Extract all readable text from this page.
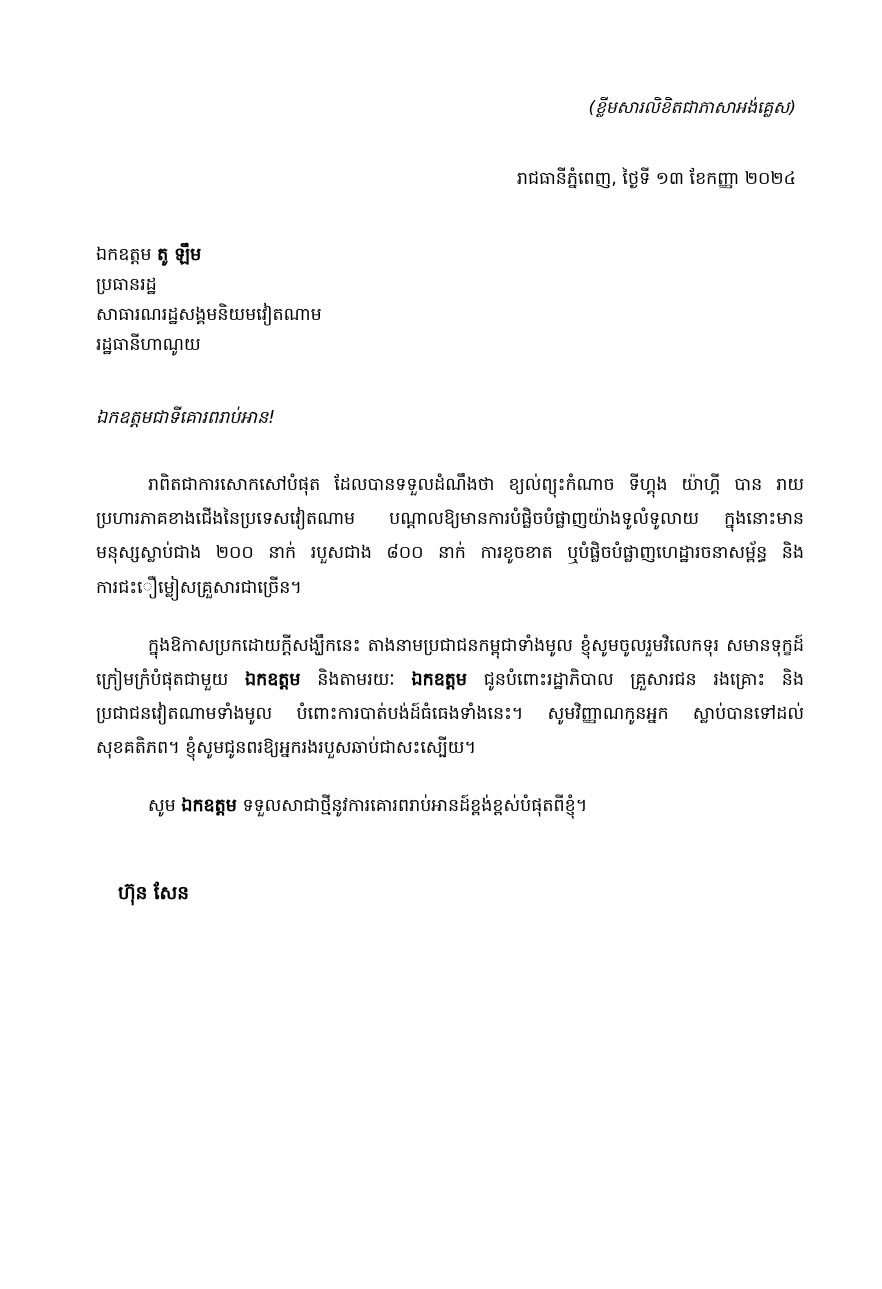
(ខ្លីមសារលិខិតជាភាសាអង់គ្លេស)
រាជធានីភ្នំពេញ, ថ្ងៃទី ១៣ ខែកញ្ញា ២០២៤
ឯកឧត្តម តូ ឡឹម
ប្រធានរដ្ឋ
សាធារណរដ្ឋសង្គមនិយមវៀតណាម
រដ្ឋធានីហាណូយ
ឯកឧត្តមជាទីគោរពរាប់អាន!
រាពិតជាការសោកសៅបំផុត ដែលបានទទួលដំណឹងថា ខ្យល់ព្យុះកំណាច ទីហ្គុង យ៉ាហ្គី បាន រាយប្រហារភាគខាងជើងនៃប្រទេសវៀតណាម បណ្តាលឱ្យមានការបំផ្លិចបំផ្លាញយ៉ាងទូលំទូលាយ ក្នុងនោះមានមនុស្សស្លាប់ជាង ២០០ នាក់ របួសជាង ៨០០ នាក់ ការខូចខាត ឬបំផ្លិចបំផ្លាញហេដ្ឋារចនាសម្ព័ន្ធ និងការជះឿម្លៀសគ្រួសារជាច្រើន។
ក្នុងឱកាសប្រកដោយក្តីសង្ឃឹកនេះ តាងនាមប្រជាជនកម្ពុជាទាំងមូល ខ្ញុំសូមចូលរួមវិលេកទុរ សមានទុក្ខដ៍ក្រៀមក្រំបំផុតជាមួយ ឯកឧត្តម និងតាមរយៈ ឯកឧត្តម ជូនបំពោះរដ្ឋាភិបាល គ្រួសារជន រងគ្រោះ និងប្រជាជនវៀតណាមទាំងមូល បំពោះការបាត់បង់ដ៍ធំធេងទាំងនេះ។ សូមវិញ្ញាណកូនអ្នក ស្លាប់បានទៅដល់សុខគតិភព។ ខ្ញុំសូមជូនពរឱ្យអ្នករងរបួសឆាប់ជាសះស្បើយ។
សូម ឯកឧត្តម ទទួលសាជាថ្មីនូវការគោរពរាប់អានដ៍ខ្ពង់ខ្ពស់បំផុតពីខ្ញុំ។
ហ៊ុន សែន
